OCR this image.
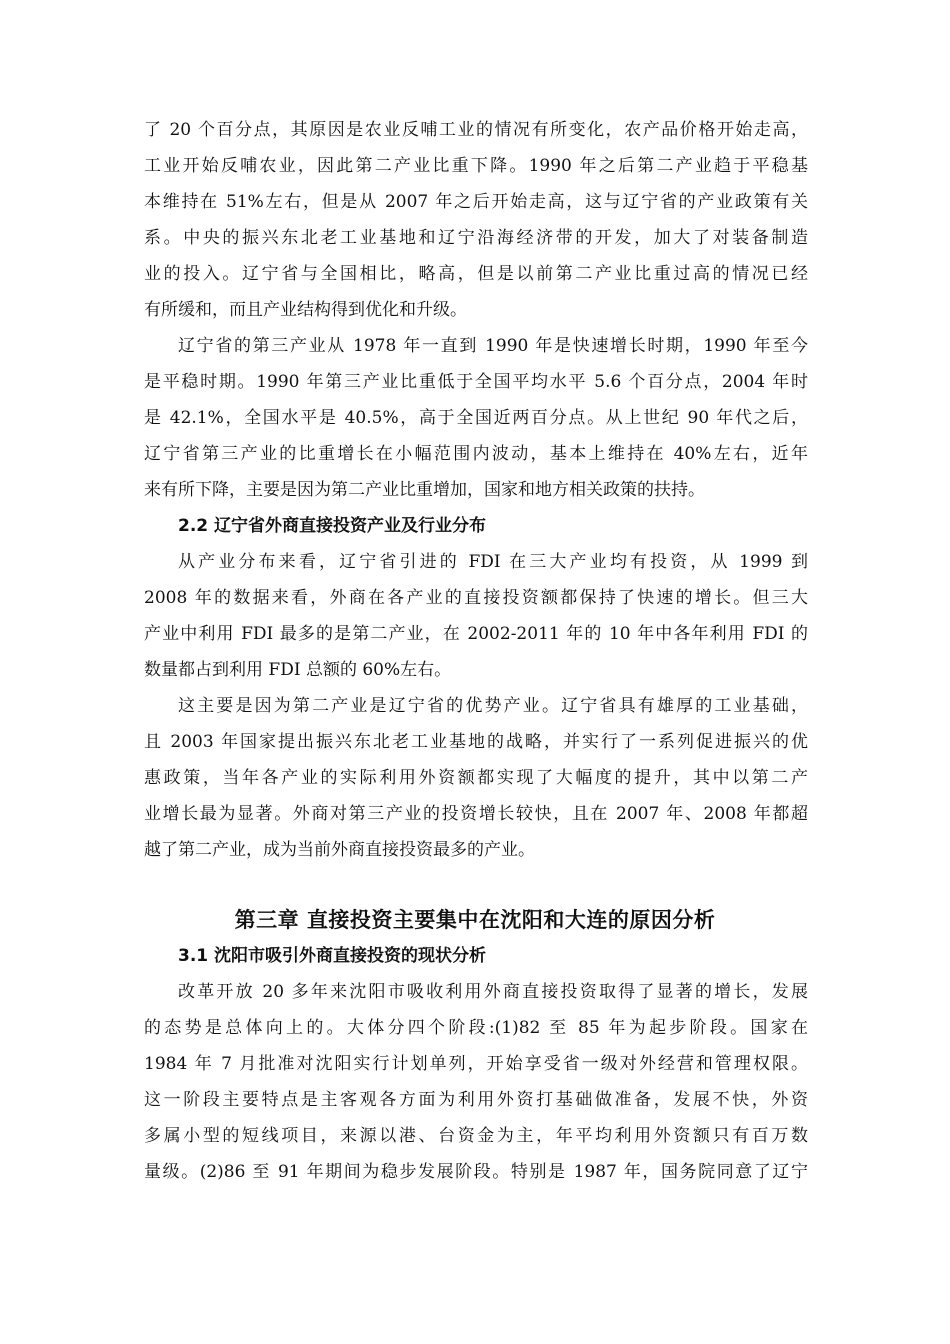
了 20 个百分点，其原因是农业反哺工业的情况有所变化，农产品价格开始走高，
工业开始反哺农业，因此第二产业比重下降。1990 年之后第二产业趋于平稳基
本维持在 51%左右，但是从 2007 年之后开始走高，这与辽宁省的产业政策有关
系。中央的振兴东北老工业基地和辽宁沿海经济带的开发，加大了对装备制造
业的投入。辽宁省与全国相比，略高，但是以前第二产业比重过高的情况已经
有所缓和，而且产业结构得到优化和升级。
辽宁省的第三产业从 1978 年一直到 1990 年是快速增长时期，1990 年至今
是平稳时期。1990 年第三产业比重低于全国平均水平 5.6 个百分点，2004 年时
是 42.1%，全国水平是 40.5%，高于全国近两百分点。从上世纪 90 年代之后，
辽宁省第三产业的比重增长在小幅范围内波动，基本上维持在 40%左右，近年
来有所下降，主要是因为第二产业比重增加，国家和地方相关政策的扶持。
2.2 辽宁省外商直接投资产业及行业分布
从产业分布来看，辽宁省引进的 FDI 在三大产业均有投资，从 1999 到
2008 年的数据来看，外商在各产业的直接投资额都保持了快速的增长。但三大
产业中利用 FDI 最多的是第二产业，在 2002-2011 年的 10 年中各年利用 FDI 的
数量都占到利用 FDI 总额的 60%左右。
这主要是因为第二产业是辽宁省的优势产业。辽宁省具有雄厚的工业基础，
且 2003 年国家提出振兴东北老工业基地的战略，并实行了一系列促进振兴的优
惠政策，当年各产业的实际利用外资额都实现了大幅度的提升，其中以第二产
业增长最为显著。外商对第三产业的投资增长较快，且在 2007 年、2008 年都超
越了第二产业，成为当前外商直接投资最多的产业。
第三章 直接投资主要集中在沈阳和大连的原因分析
3.1 沈阳市吸引外商直接投资的现状分析
改革开放 20 多年来沈阳市吸收利用外商直接投资取得了显著的增长，发展
的态势是总体向上的。大体分四个阶段:(1)82 至 85 年为起步阶段。国家在
1984 年 7 月批准对沈阳实行计划单列，开始享受省一级对外经营和管理权限。
这一阶段主要特点是主客观各方面为利用外资打基础做准备，发展不快，外资
多属小型的短线项目，来源以港、台资金为主，年平均利用外资额只有百万数
量级。(2)86 至 91 年期间为稳步发展阶段。特别是 1987 年，国务院同意了辽宁
